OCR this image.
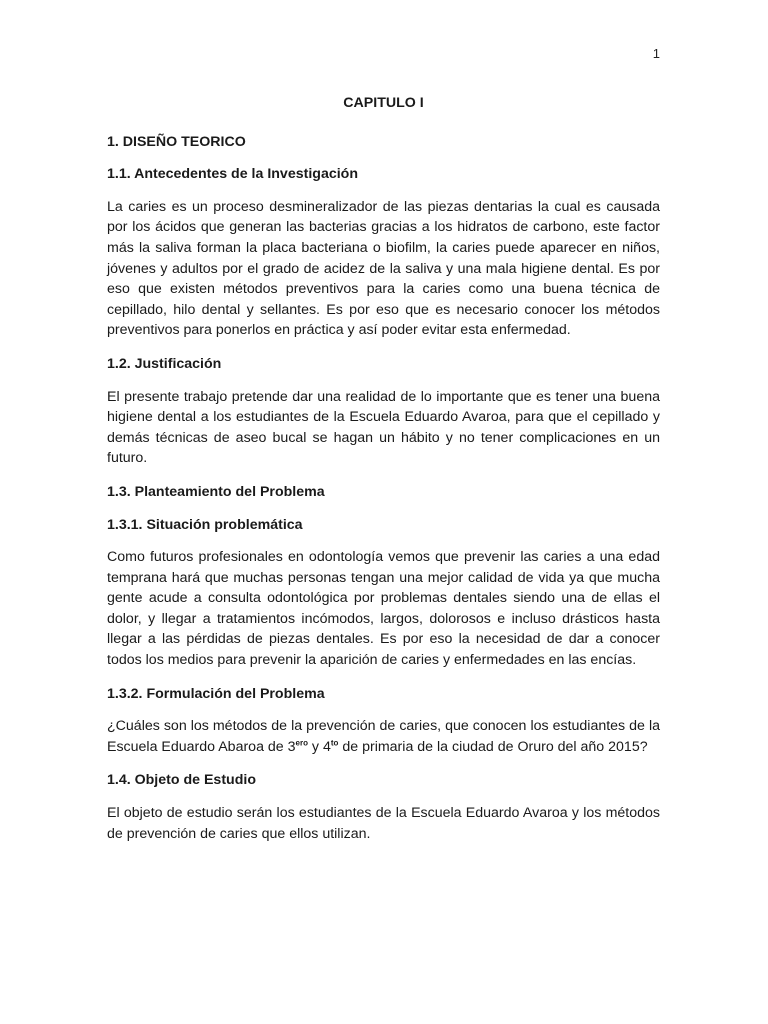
1
CAPITULO I
1. DISEÑO TEORICO
1.1. Antecedentes de la Investigación
La caries es un proceso desmineralizador de las piezas dentarias la cual es causada por los ácidos que generan las bacterias gracias a los hidratos de carbono, este factor más la saliva forman la placa bacteriana o biofilm, la caries puede aparecer en niños, jóvenes y adultos por el grado de acidez de la saliva y una mala higiene dental. Es por eso que existen métodos preventivos para la caries como una buena técnica de cepillado, hilo dental y sellantes. Es por eso que es necesario conocer los métodos preventivos para ponerlos en práctica y así poder evitar esta enfermedad.
1.2. Justificación
El presente trabajo pretende dar una realidad de lo importante que es tener una buena higiene dental a los estudiantes de la Escuela Eduardo Avaroa, para que el cepillado y demás técnicas de aseo bucal se hagan un hábito y no tener complicaciones en un futuro.
1.3. Planteamiento del Problema
1.3.1. Situación problemática
Como futuros profesionales en odontología vemos que prevenir las caries a una edad temprana hará que muchas personas tengan una mejor calidad de vida ya que mucha gente acude a consulta odontológica por problemas dentales siendo una de ellas el dolor, y llegar a tratamientos incómodos, largos, dolorosos e incluso drásticos hasta llegar a las pérdidas de piezas dentales. Es por eso la necesidad de dar a conocer todos los medios para prevenir la aparición de caries y enfermedades en las encías.
1.3.2. Formulación del Problema
¿Cuáles son los métodos de la prevención de caries, que conocen los estudiantes de la Escuela Eduardo Abaroa de $3^{ero}$ y $4^{to}$ de primaria de la ciudad de Oruro del año 2015?
1.4. Objeto de Estudio
El objeto de estudio serán los estudiantes de la Escuela Eduardo Avaroa y los métodos de prevención de caries que ellos utilizan.
